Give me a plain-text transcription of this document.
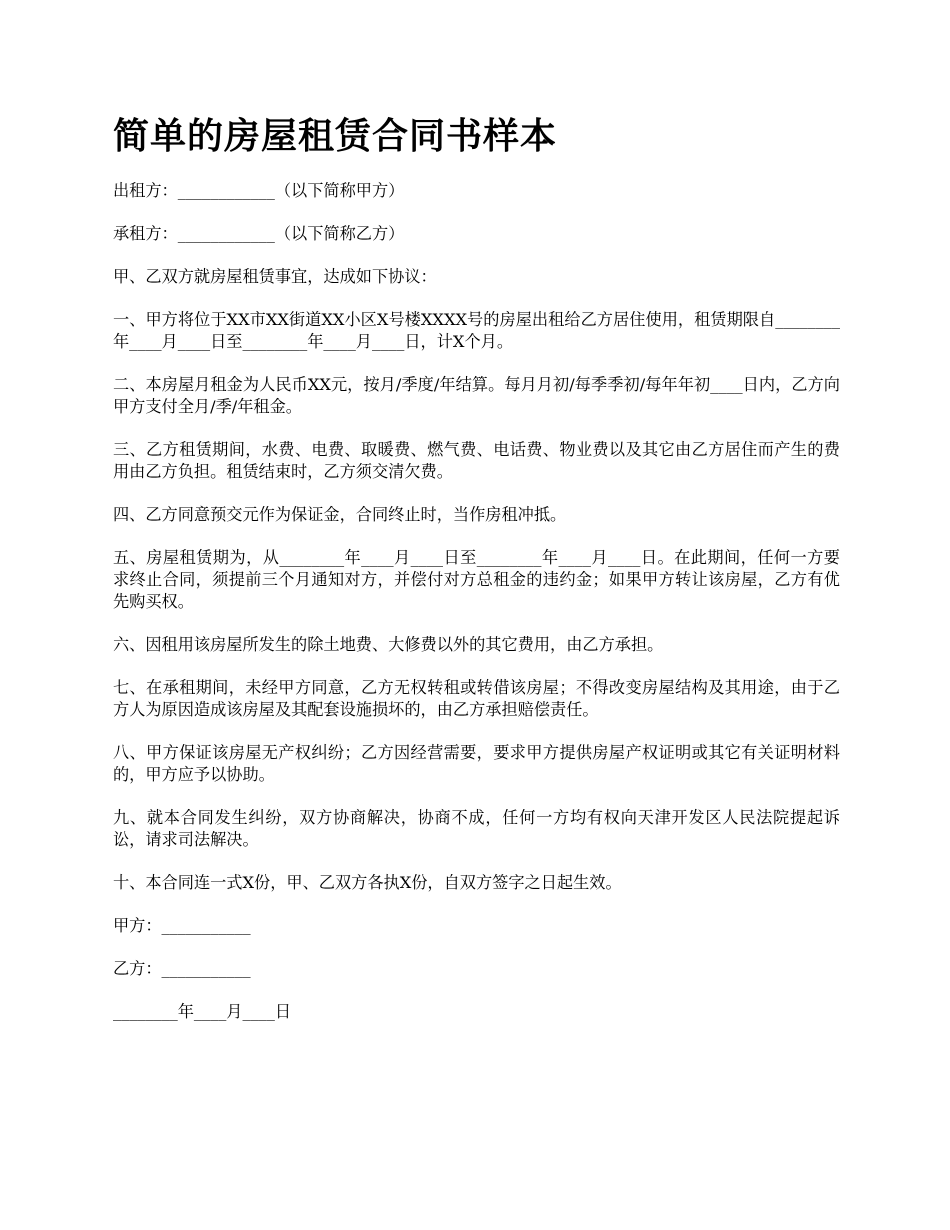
简单的房屋租赁合同书样本

出租方：____________（以下简称甲方）

承租方：____________（以下简称乙方）

甲、乙双方就房屋租赁事宜，达成如下协议：

一、甲方将位于XX市XX街道XX小区X号楼XXXX号的房屋出租给乙方居住使用，租赁期限自________年____月____日至________年____月____日，计X个月。

二、本房屋月租金为人民币XX元，按月/季度/年结算。每月月初/每季季初/每年年初____日内，乙方向甲方支付全月/季/年租金。

三、乙方租赁期间，水费、电费、取暖费、燃气费、电话费、物业费以及其它由乙方居住而产生的费用由乙方负担。租赁结束时，乙方须交清欠费。

四、乙方同意预交元作为保证金，合同终止时，当作房租冲抵。

五、房屋租赁期为，从________年____月____日至________年____月____日。在此期间，任何一方要求终止合同，须提前三个月通知对方，并偿付对方总租金的违约金；如果甲方转让该房屋，乙方有优先购买权。

六、因租用该房屋所发生的除土地费、大修费以外的其它费用，由乙方承担。

七、在承租期间，未经甲方同意，乙方无权转租或转借该房屋；不得改变房屋结构及其用途，由于乙方人为原因造成该房屋及其配套设施损坏的，由乙方承担赔偿责任。

八、甲方保证该房屋无产权纠纷；乙方因经营需要，要求甲方提供房屋产权证明或其它有关证明材料的，甲方应予以协助。

九、就本合同发生纠纷，双方协商解决，协商不成，任何一方均有权向天津开发区人民法院提起诉讼，请求司法解决。

十、本合同连一式X份，甲、乙双方各执X份，自双方签字之日起生效。

甲方：___________

乙方：___________

________年____月____日
